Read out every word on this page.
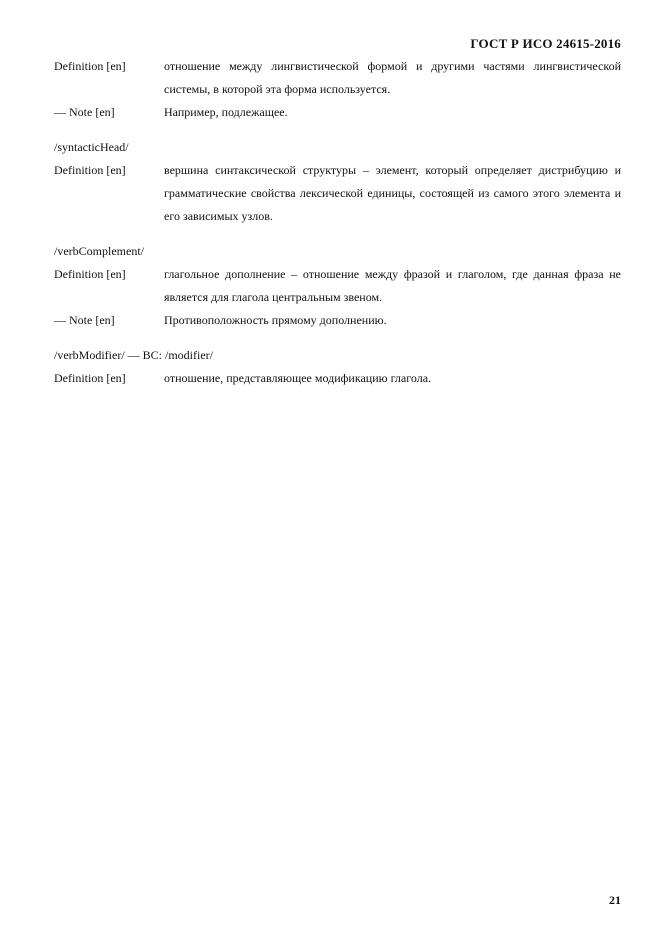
ГОСТ Р ИСО 24615-2016
Definition [en]	отношение между лингвистической формой и другими частями лингвистической системы, в которой эта форма используется.
— Note [en]	Например, подлежащее.
/syntacticHead/
Definition [en]	вершина синтаксической структуры – элемент, который определяет дистрибуцию и грамматические свойства лексической единицы, состоящей из самого этого элемента и его зависимых узлов.
/verbComplement/
Definition [en]	глагольное дополнение – отношение между фразой и глаголом, где данная фраза не является для глагола центральным звеном.
— Note [en]	Противоположность прямому дополнению.
/verbModifier/ — BC: /modifier/
Definition [en]	отношение, представляющее модификацию глагола.
21
